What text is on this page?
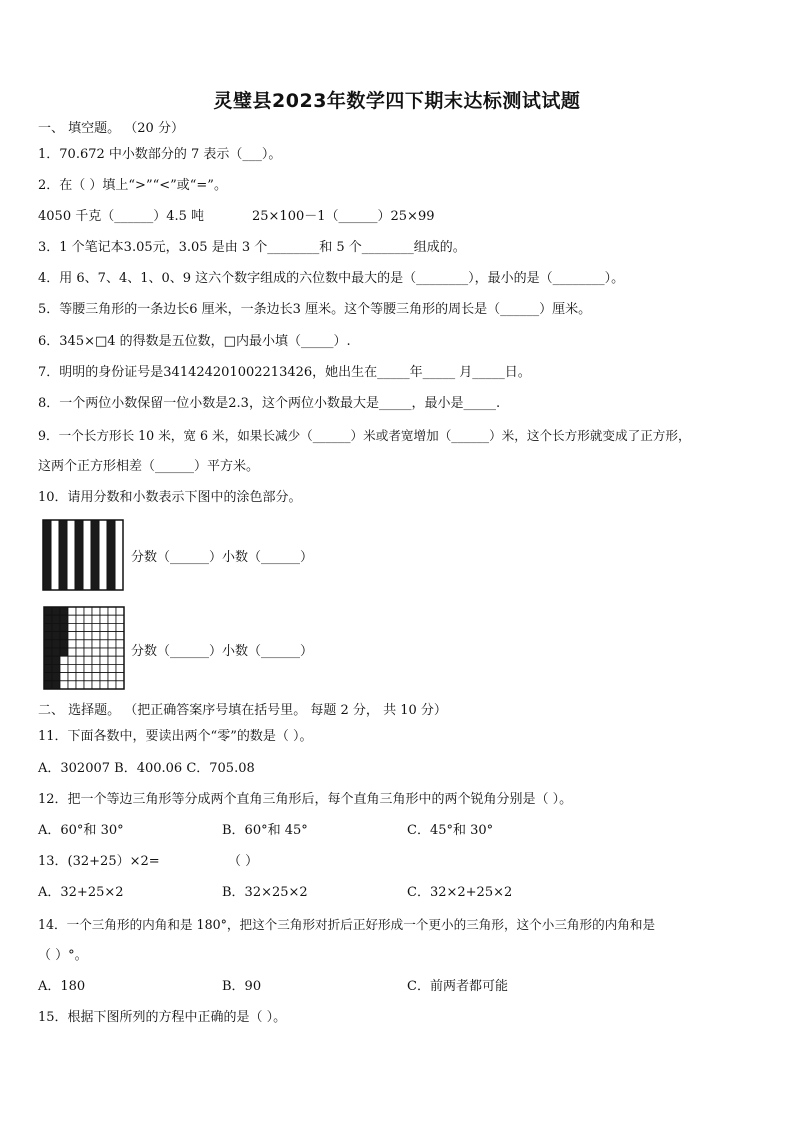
灵璧县2023年数学四下期末达标测试试题
一、 填空题。 （20 分）
1．70.672 中小数部分的 7 表示（___）。
2．在（ ）填上“>”“<”或“=”。
4050 千克（______）4.5 吨	25×100－1（______）25×99
3．1 个笔记本3.05元，3.05 是由 3 个________和 5 个________组成的。
4．用 6、7、4、1、0、9 这六个数字组成的六位数中最大的是（________），最小的是（________）。
5．等腰三角形的一条边长6 厘米，一条边长3 厘米。这个等腰三角形的周长是（______）厘米。
6．345×□4 的得数是五位数，□内最小填（_____）.
7．明明的身份证号是341424201002213426，她出生在_____年_____ 月_____日。
8．一个两位小数保留一位小数是2.3，这个两位小数最大是_____，最小是_____.
9．一个长方形长 10 米，宽 6 米，如果长减少（______）米或者宽增加（______）米，这个长方形就变成了正方形，
这两个正方形相差（______）平方米。
10．请用分数和小数表示下图中的涂色部分。
分数（______）小数（______）
分数（______）小数（______）
二、 选择题。 （把正确答案序号填在括号里。 每题 2 分， 共 10 分）
11．下面各数中，要读出两个“零”的数是（ ）。
A．302007 B．400.06 C．705.08
12．把一个等边三角形等分成两个直角三角形后，每个直角三角形中的两个锐角分别是（ ）。
A．60°和 30°	B．60°和 45°	C．45°和 30°
13．(32+25）×2=	（ ）
A．32+25×2	B．32×25×2	C．32×2+25×2
14．一个三角形的内角和是 180°，把这个三角形对折后正好形成一个更小的三角形，这个小三角形的内角和是
（ ）°。
A．180	B．90	C．前两者都可能
15．根据下图所列的方程中正确的是（ ）。
